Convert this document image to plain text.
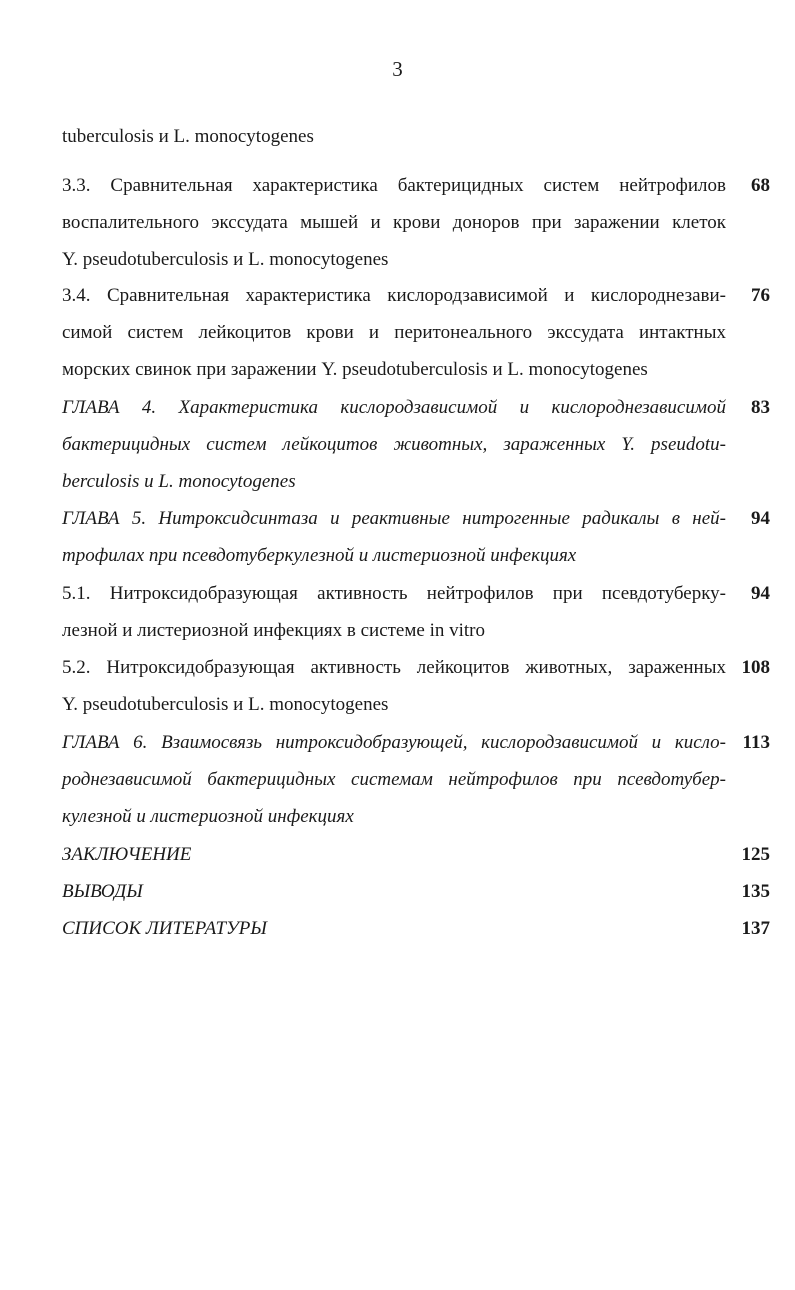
3
tuberculosis и L. monocytogenes
3.3. Сравнительная характеристика бактерицидных систем нейтрофилов
воспалительного экссудата мышей и крови доноров при заражении клеток
Y. pseudotuberculosis и L. monocytogenes
68
3.4. Сравнительная характеристика кислородзависимой и кислороднезави-
симой систем лейкоцитов крови и перитонеального экссудата интактных
морских свинок при заражении Y. pseudotuberculosis и L. monocytogenes
76
ГЛАВА 4. Характеристика кислородзависимой и кислороднезависимой
бактерицидных систем лейкоцитов животных, зараженных Y. pseudotu-
berculosis и L. monocytogenes
83
ГЛАВА 5. Нитроксидсинтаза и реактивные нитрогенные радикалы в ней-
трофилах при псевдотуберкулезной и листериозной инфекциях
94
5.1. Нитроксидобразующая активность нейтрофилов при псевдотуберку-
лезной и листериозной инфекциях в системе in vitro
94
5.2. Нитроксидобразующая активность лейкоцитов животных, зараженных
Y. pseudotuberculosis и L. monocytogenes
108
ГЛАВА 6. Взаимосвязь нитроксидобразующей, кислородзависимой и кисло-
роднезависимой бактерицидных системам нейтрофилов при псевдотубер-
кулезной и листериозной инфекциях
113
ЗАКЛЮЧЕНИЕ	125
ВЫВОДЫ	135
СПИСОК ЛИТЕРАТУРЫ	137
